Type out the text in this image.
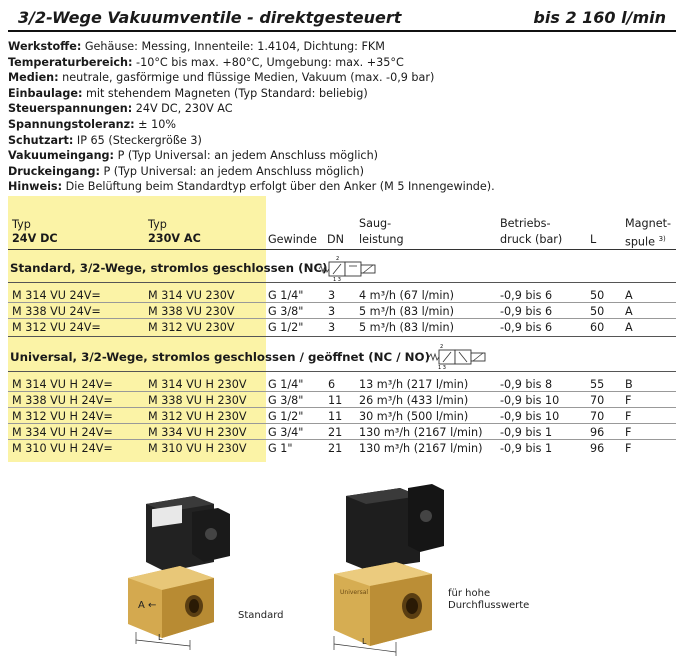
3/2-Wege Vakuumventile - direktgesteuert	bis 2 160 l/min
Werkstoffe: Gehäuse: Messing, Innenteile: 1.4104, Dichtung: FKM
Temperaturbereich: -10°C bis max. +80°C, Umgebung: max. +35°C
Medien: neutrale, gasförmige und flüssige Medien, Vakuum (max. -0,9 bar)
Einbaulage: mit stehendem Magneten (Typ Standard: beliebig)
Steuerspannungen: 24V DC, 230V AC
Spannungstoleranz: ± 10%
Schutzart: IP 65 (Steckergröße 3)
Vakuumeingang: P (Typ Universal: an jedem Anschluss möglich)
Druckeingang: P (Typ Universal: an jedem Anschluss möglich)
Hinweis: Die Belüftung beim Standardtyp erfolgt über den Anker (M 5 Innengewinde).
Typ
24V DC
Typ
230V AC	Gewinde DN
Saug-
leistung
Betriebs-
druck (bar) L
Magnet-
spule $^{3)}$
Standard, 3/2-Wege, stromlos geschlossen (NC)
2
1 3
M 314 VU 24V=	M 314 VU 230V	G 1/4" 3 4 m³/h (67 l/min)	-0,9 bis 6	50 A
M 338 VU 24V=	M 338 VU 230V	G 3/8" 3 5 m³/h (83 l/min)	-0,9 bis 6	50 A
M 312 VU 24V=	M 312 VU 230V	G 1/2" 3 5 m³/h (83 l/min)	-0,9 bis 6	60 A
Universal, 3/2-Wege, stromlos geschlossen / geöffnet (NC / NO)
2
1 3
M 314 VU H 24V=	M 314 VU H 230V G 1/4" 6 13 m³/h (217 l/min)	-0,9 bis 8	55 B
M 338 VU H 24V=	M 338 VU H 230V G 3/8" 11 26 m³/h (433 l/min)	-0,9 bis 10	70 F
M 312 VU H 24V=	M 312 VU H 230V G 1/2" 11 30 m³/h (500 l/min)	-0,9 bis 10	70 F
M 334 VU H 24V=	M 334 VU H 230V G 3/4" 21 130 m³/h (2167 l/min) -0,9 bis 1	96 F
M 310 VU H 24V=	M 310 VU H 230V G 1"	21 130 m³/h (2167 l/min) -0,9 bis 1	96 F
A ←
L
Standard
Universal
L
für hohe
Durchflusswerte
